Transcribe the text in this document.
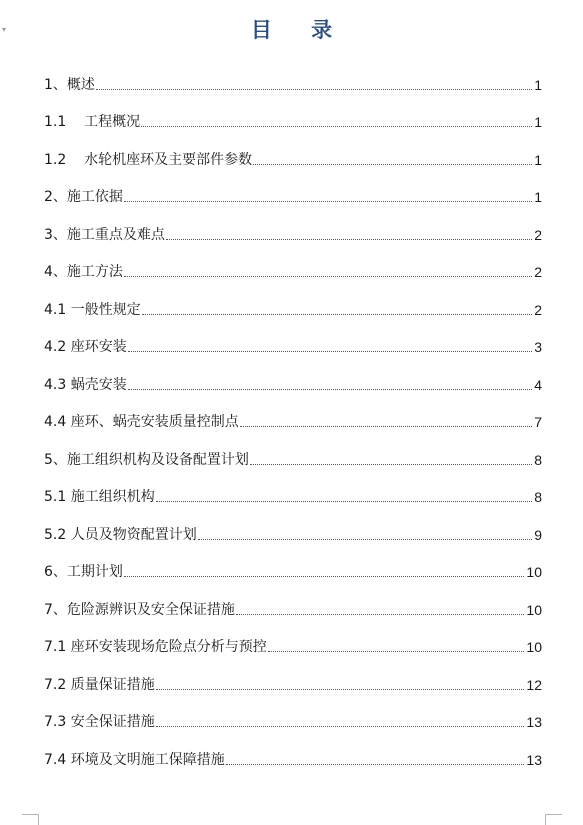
▾	目 录
1、概述	1
1.1    工程概况	1
1.2    水轮机座环及主要部件参数	1
2、施工依据	1
3、施工重点及难点	2
4、施工方法	2
4.1 一般性规定	2
4.2 座环安装	3
4.3 蜗壳安装	4
4.4 座环、蜗壳安装质量控制点	7
5、施工组织机构及设备配置计划	8
5.1 施工组织机构	8
5.2 人员及物资配置计划	9
6、工期计划	10
7、危险源辨识及安全保证措施	10
7.1 座环安装现场危险点分析与预控	10
7.2 质量保证措施	12
7.3 安全保证措施	13
7.4 环境及文明施工保障措施	13
